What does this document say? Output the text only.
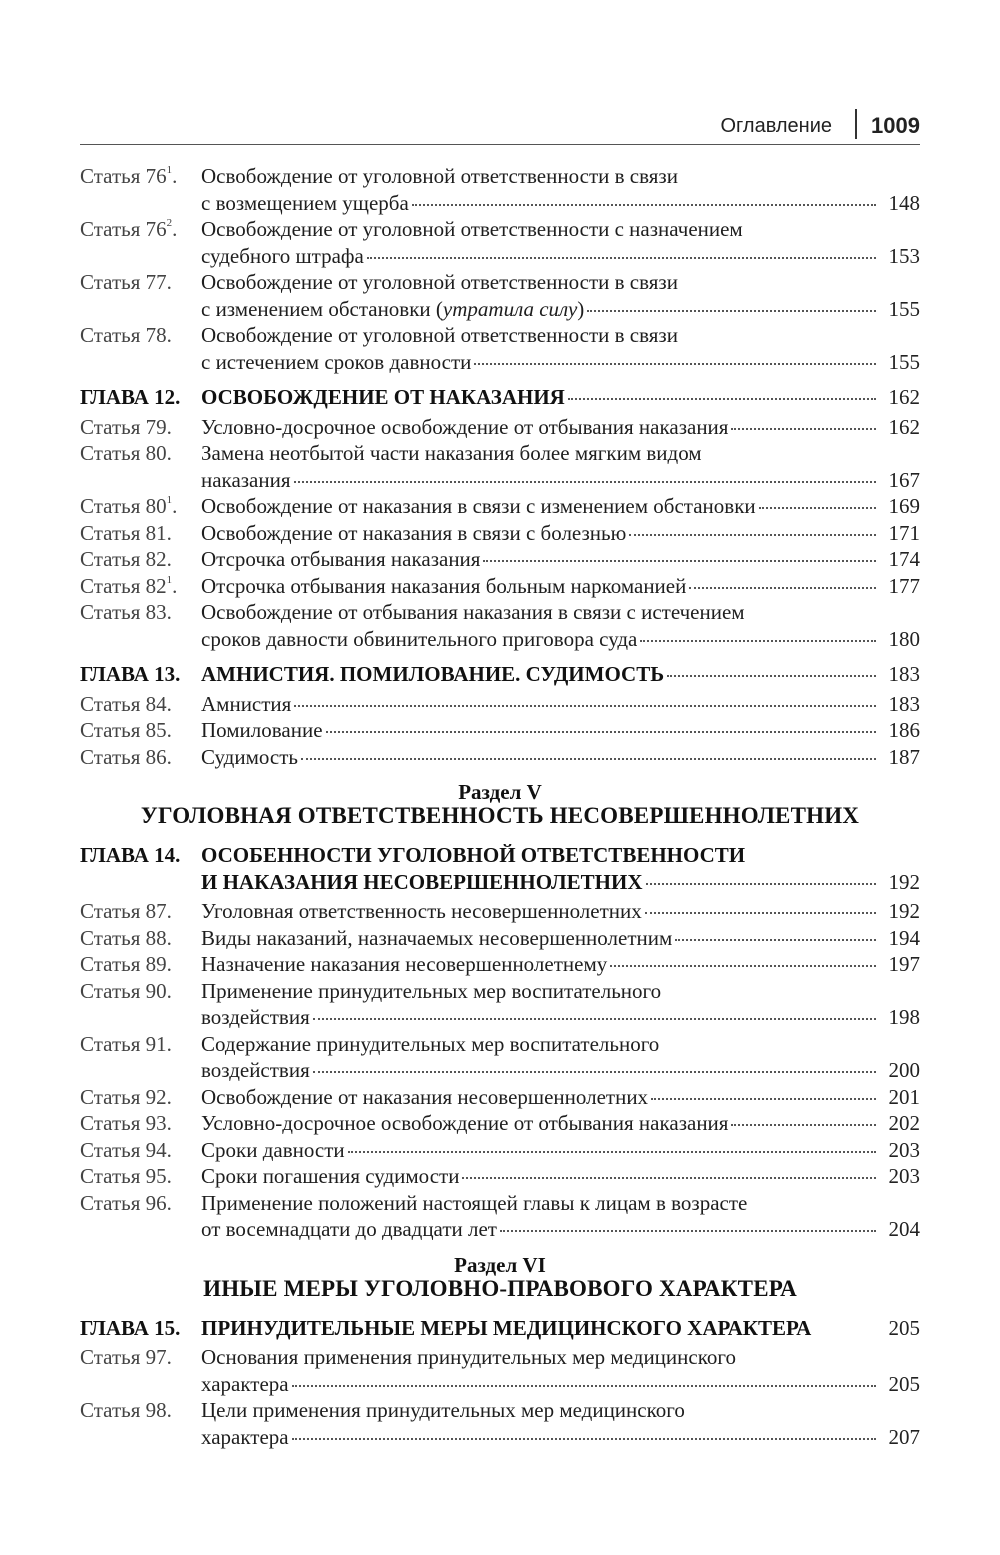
Оглавление 1009
Статья $76^1$.	Освобождение от уголовной ответственности в связи
с возмещением ущерба	148
Статья $76^2$.	Освобождение от уголовной ответственности с назначением
судебного штрафа	153
Статья 77.	Освобождение от уголовной ответственности в связи
с изменением обстановки (утратила силу)	155
Статья 78.	Освобождение от уголовной ответственности в связи
с истечением сроков давности	155
ГЛАВА 12. ОСВОБОЖДЕНИЕ ОТ НАКАЗАНИЯ	162
Статья 79.	Условно-досрочное освобождение от отбывания наказания	162
Статья 80.	Замена неотбытой части наказания более мягким видом
наказания	167
Статья $80^1$.	Освобождение от наказания в связи с изменением обстановки	169
Статья 81.	Освобождение от наказания в связи с болезнью	171
Статья 82.	Отсрочка отбывания наказания	174
Статья $82^1$.	Отсрочка отбывания наказания больным наркоманией	177
Статья 83.	Освобождение от отбывания наказания в связи с истечением
сроков давности обвинительного приговора суда	180
ГЛАВА 13. АМНИСТИЯ. ПОМИЛОВАНИЕ. СУДИМОСТЬ	183
Статья 84.	Амнистия	183
Статья 85.	Помилование	186
Статья 86.	Судимость	187
Раздел V
УГОЛОВНАЯ ОТВЕТСТВЕННОСТЬ НЕСОВЕРШЕННОЛЕТНИХ
ГЛАВА 14. ОСОБЕННОСТИ УГОЛОВНОЙ ОТВЕТСТВЕННОСТИ
И НАКАЗАНИЯ НЕСОВЕРШЕННОЛЕТНИХ	192
Статья 87.	Уголовная ответственность несовершеннолетних	192
Статья 88.	Виды наказаний, назначаемых несовершеннолетним	194
Статья 89.	Назначение наказания несовершеннолетнему	197
Статья 90.	Применение принудительных мер воспитательного
воздействия	198
Статья 91.	Содержание принудительных мер воспитательного
воздействия	200
Статья 92.	Освобождение от наказания несовершеннолетних	201
Статья 93.	Условно-досрочное освобождение от отбывания наказания	202
Статья 94.	Сроки давности	203
Статья 95.	Сроки погашения судимости	203
Статья 96.	Применение положений настоящей главы к лицам в возрасте
от восемнадцати до двадцати лет	204
Раздел VI
ИНЫЕ МЕРЫ УГОЛОВНО-ПРАВОВОГО ХАРАКТЕРА
ГЛАВА 15. ПРИНУДИТЕЛЬНЫЕ МЕРЫ МЕДИЦИНСКОГО ХАРАКТЕРА	205
Статья 97.	Основания применения принудительных мер медицинского
характера	205
Статья 98.	Цели применения принудительных мер медицинского
характера	207
